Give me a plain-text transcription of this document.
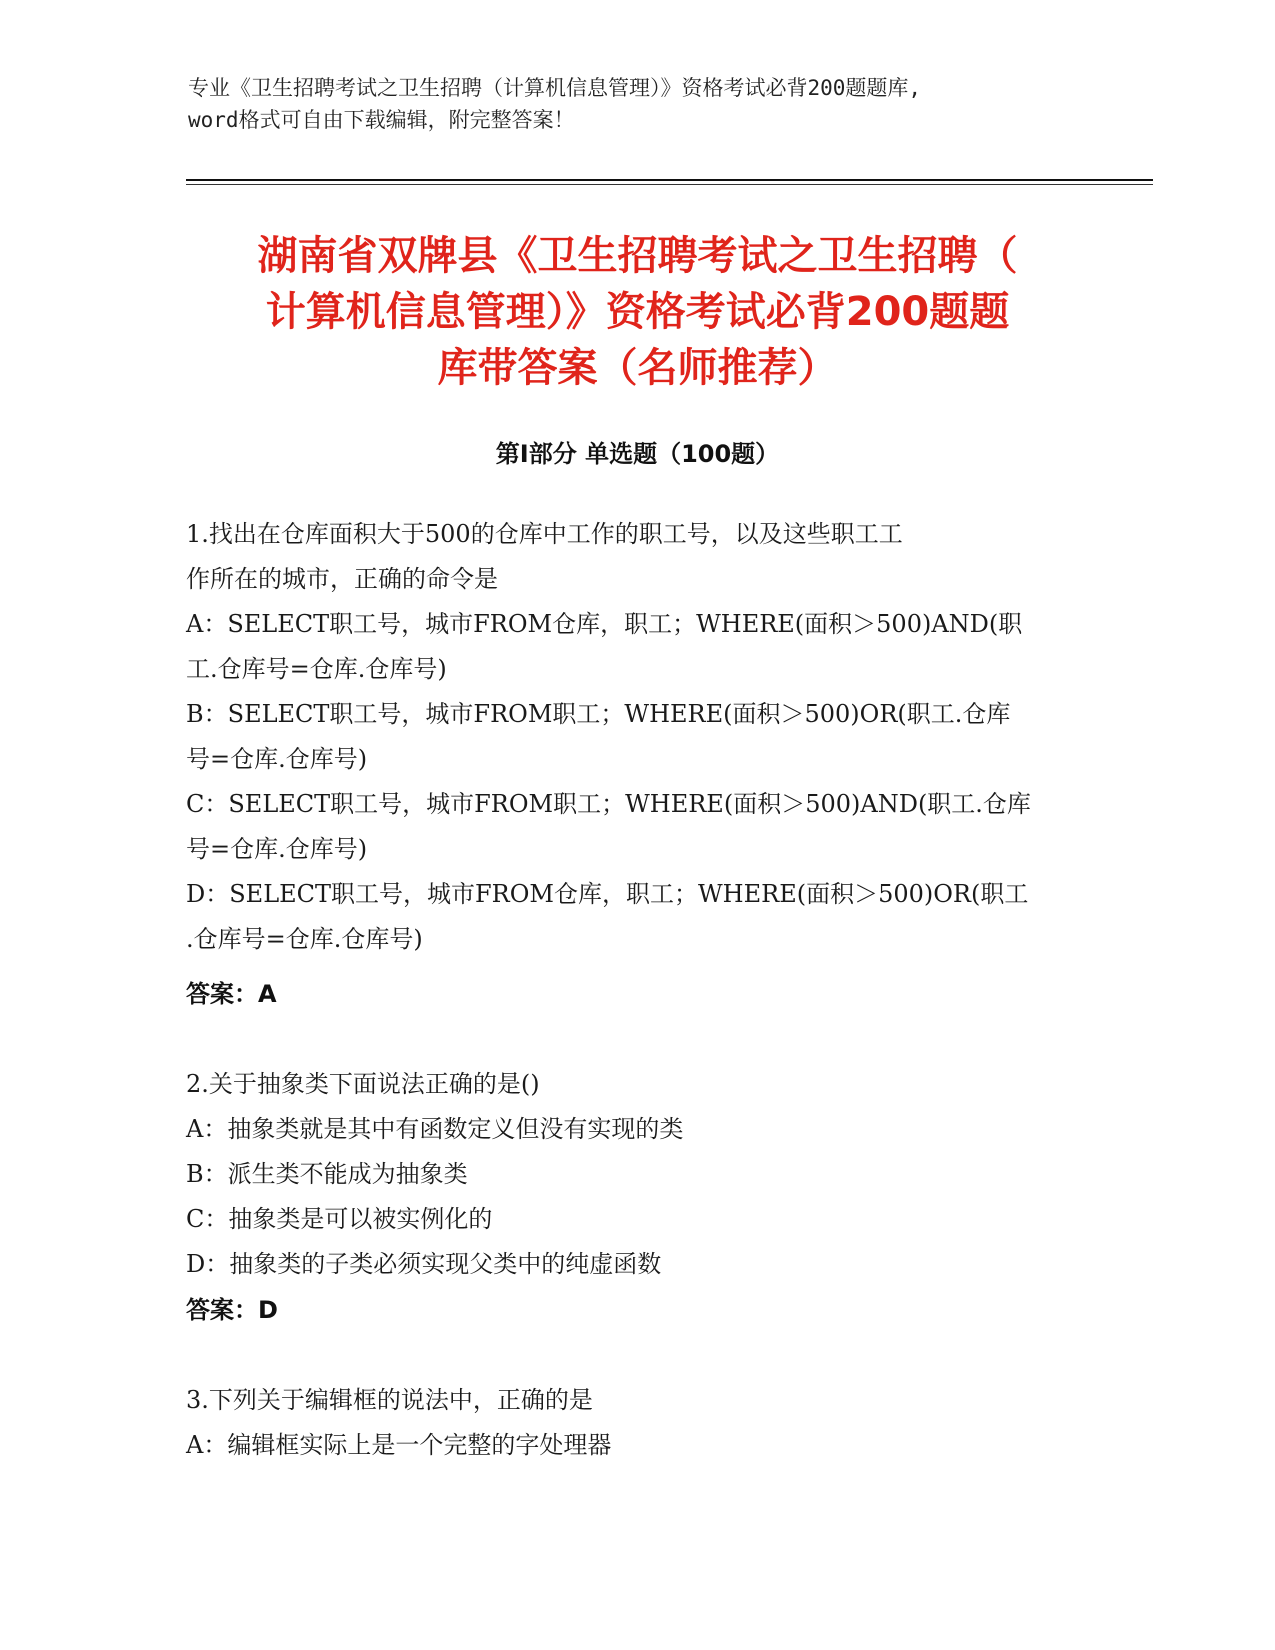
专业《卫生招聘考试之卫生招聘（计算机信息管理）》资格考试必背200题题库,
word格式可自由下载编辑，附完整答案！
湖南省双牌县《卫生招聘考试之卫生招聘（
计算机信息管理）》资格考试必背200题题
库带答案（名师推荐）
第Ⅰ部分 单选题（100题）
1.找出在仓库面积大于500的仓库中工作的职工号，以及这些职工工
作所在的城市，正确的命令是
A：SELECT职工号，城市FROM仓库，职工；WHERE(面积＞500)AND(职
工.仓库号=仓库.仓库号)
B：SELECT职工号，城市FROM职工；WHERE(面积＞500)OR(职工.仓库
号=仓库.仓库号)
C：SELECT职工号，城市FROM职工；WHERE(面积＞500)AND(职工.仓库
号=仓库.仓库号)
D：SELECT职工号，城市FROM仓库，职工；WHERE(面积＞500)OR(职工
.仓库号=仓库.仓库号)
答案：A
2.关于抽象类下面说法正确的是()
A：抽象类就是其中有函数定义但没有实现的类
B：派生类不能成为抽象类
C：抽象类是可以被实例化的
D：抽象类的子类必须实现父类中的纯虚函数
答案：D
3.下列关于编辑框的说法中，正确的是
A：编辑框实际上是一个完整的字处理器
